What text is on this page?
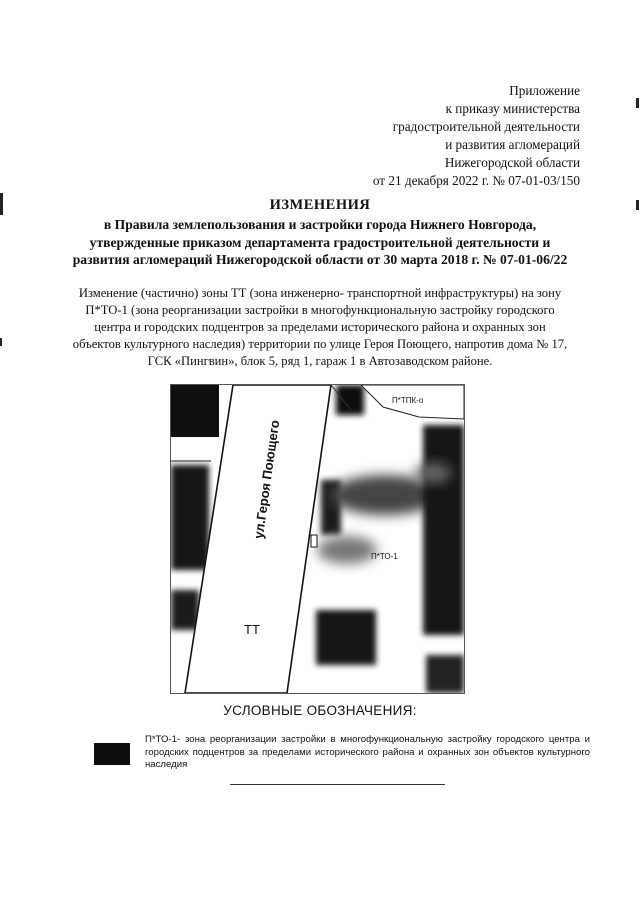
Приложение
к приказу министерства
градостроительной деятельности
и развития агломераций
Нижегородской области
от 21 декабря 2022 г. № 07-01-03/150
ИЗМЕНЕНИЯ
в Правила землепользования и застройки города Нижнего Новгорода,
утвержденные приказом департамента градостроительной деятельности и
развития агломераций Нижегородской области от 30 марта 2018 г. № 07-01-06/22
Изменение (частично) зоны ТТ (зона инженерно- транспортной инфраструктуры) на зону
П*ТО-1 (зона реорганизации застройки в многофункциональную застройку городского
центра и городских подцентров за пределами исторического района и охранных зон
объектов культурного наследия) территории по улице Героя Поющего, напротив дома № 17,
ГСК «Пингвин», блок 5, ряд 1, гараж 1 в Автозаводском районе.
ул.Героя Поющего
П*ТПК-о
ТЖсм
П*ТО-1
ТТ
УСЛОВНЫЕ ОБОЗНАЧЕНИЯ:
П*ТО-1- зона реорганизации застройки в многофункциональную застройку городского центра и городских подцентров за пределами исторического района и охранных зон объектов культурного наследия
